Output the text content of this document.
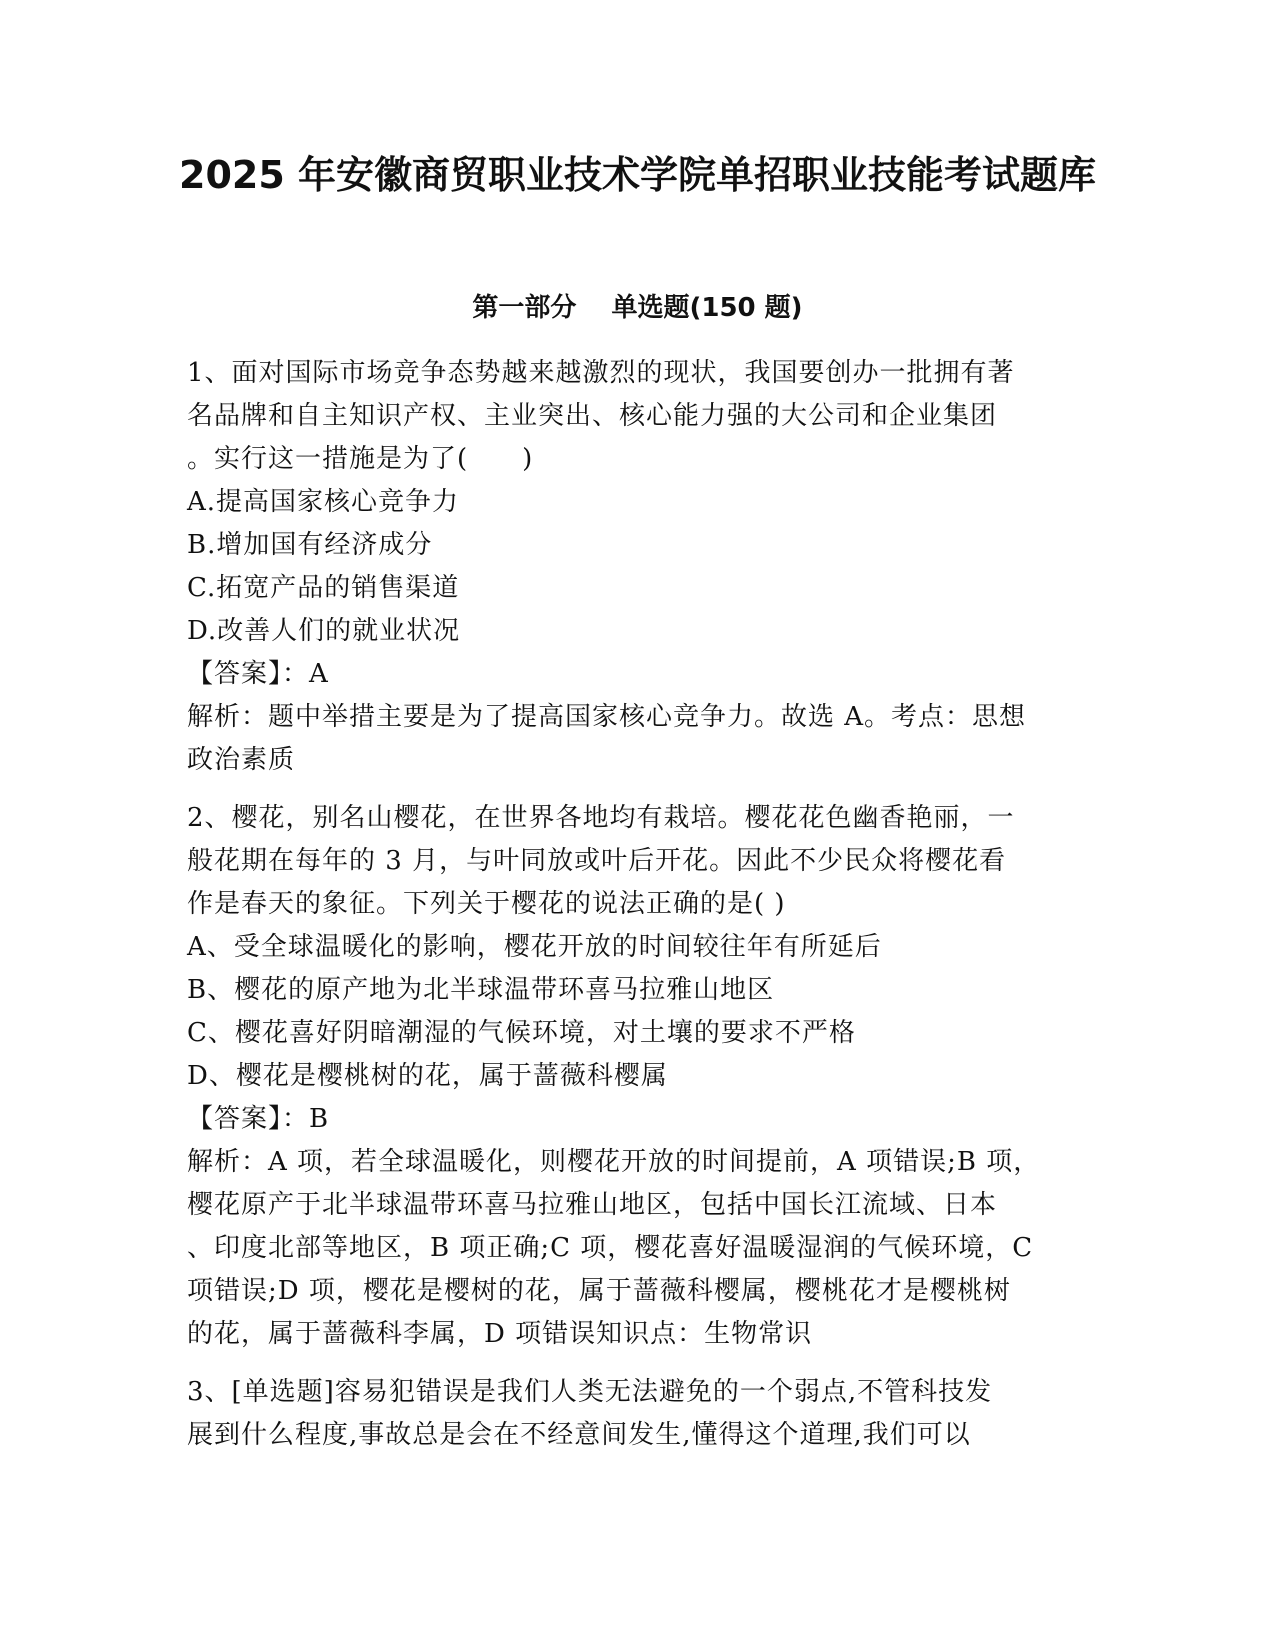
2025 年安徽商贸职业技术学院单招职业技能考试题库
第一部分　 单选题(150 题)
1、面对国际市场竞争态势越来越激烈的现状，我国要创办一批拥有著
名品牌和自主知识产权、主业突出、核心能力强的大公司和企业集团
。实行这一措施是为了(　　)
A.提高国家核心竞争力
B.增加国有经济成分
C.拓宽产品的销售渠道
D.改善人们的就业状况
【答案】：A
解析：题中举措主要是为了提高国家核心竞争力。故选 A。考点：思想
政治素质
2、樱花，别名山樱花，在世界各地均有栽培。樱花花色幽香艳丽，一
般花期在每年的 3 月，与叶同放或叶后开花。因此不少民众将樱花看
作是春天的象征。下列关于樱花的说法正确的是( )
A、受全球温暖化的影响，樱花开放的时间较往年有所延后
B、樱花的原产地为北半球温带环喜马拉雅山地区
C、樱花喜好阴暗潮湿的气候环境，对土壤的要求不严格
D、樱花是樱桃树的花，属于蔷薇科樱属
【答案】：B
解析：A 项，若全球温暖化，则樱花开放的时间提前，A 项错误;B 项，
樱花原产于北半球温带环喜马拉雅山地区，包括中国长江流域、日本
、印度北部等地区，B 项正确;C 项，樱花喜好温暖湿润的气候环境，C
项错误;D 项，樱花是樱树的花，属于蔷薇科樱属，樱桃花才是樱桃树
的花，属于蔷薇科李属，D 项错误知识点：生物常识
3、[单选题]容易犯错误是我们人类无法避免的一个弱点,不管科技发
展到什么程度,事故总是会在不经意间发生,懂得这个道理,我们可以
